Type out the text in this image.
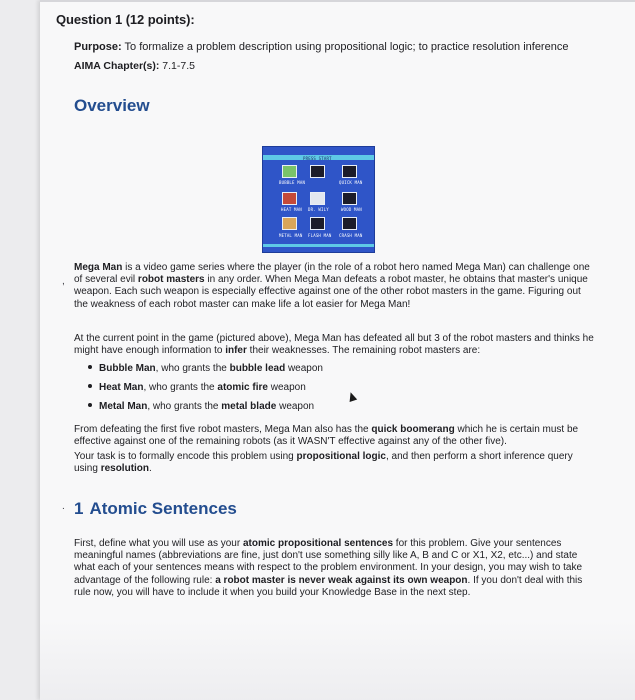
Question 1 (12 points):
Purpose: To formalize a problem description using propositional logic; to practice resolution inference
AIMA Chapter(s): 7.1-7.5
Overview
PRESS START
BUBBLE MAN	QUICK MAN
HEAT MAN DR. WILY	WOOD MAN
METAL MAN FLASH MAN CRASH MAN
Mega Man is a video game series where the player (in the role of a robot hero named Mega Man) can challenge one of several evil robot masters in any order. When Mega Man defeats a robot master, he obtains that master's unique weapon. Each such weapon is especially effective against one of the other robot masters in the game. Figuring out the weakness of each robot master can make life a lot easier for Mega Man!
,
At the current point in the game (pictured above), Mega Man has defeated all but 3 of the robot masters and thinks he might have enough information to infer their weaknesses. The remaining robot masters are:
Bubble Man, who grants the bubble lead weapon
Heat Man, who grants the atomic fire weapon
Metal Man, who grants the metal blade weapon
From defeating the first five robot masters, Mega Man also has the quick boomerang which he is certain must be effective against one of the remaining robots (as it WASN'T effective against any of the other five).
Your task is to formally encode this problem using propositional logic, and then perform a short inference query using resolution.
. 1 Atomic Sentences
First, define what you will use as your atomic propositional sentences for this problem. Give your sentences meaningful names (abbreviations are fine, just don't use something silly like A, B and C or X1, X2, etc...) and state what each of your sentences means with respect to the problem environment. In your design, you may wish to take advantage of the following rule: a robot master is never weak against its own weapon. If you don't deal with this rule now, you will have to include it when you build your Knowledge Base in the next step.
